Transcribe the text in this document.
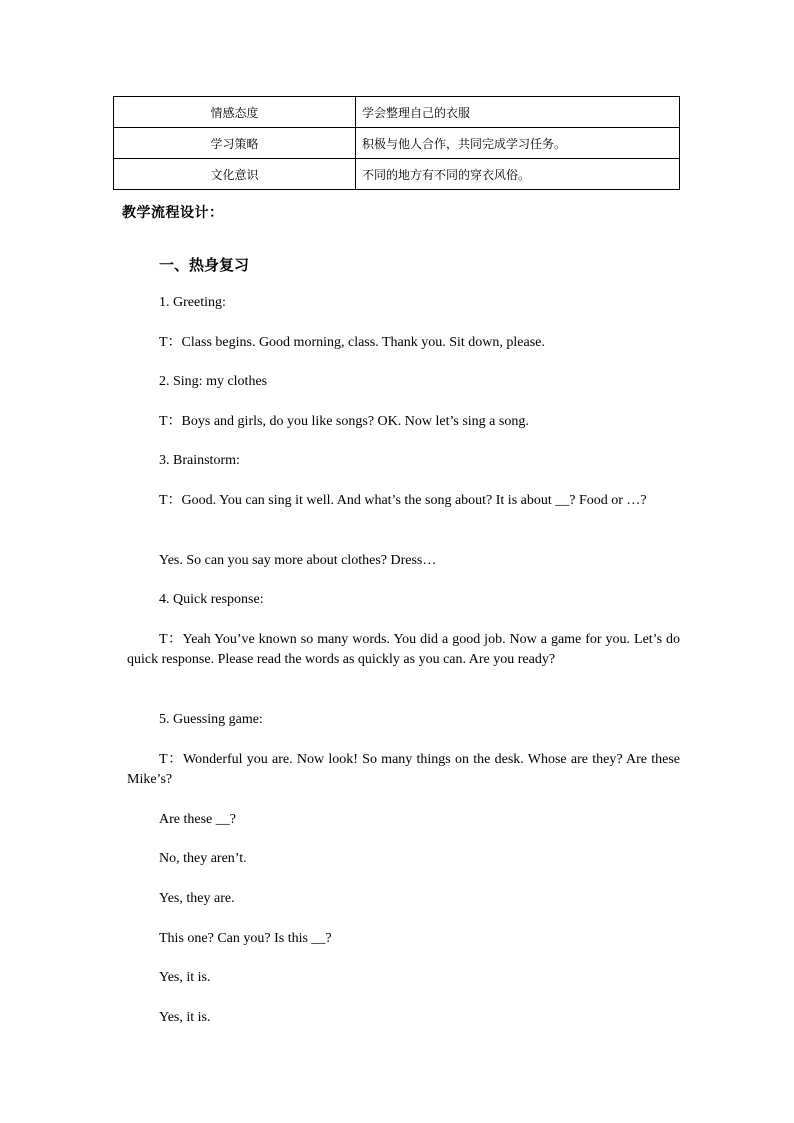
情感态度	学会整理自己的衣服
学习策略	积极与他人合作，共同完成学习任务。
文化意识	不同的地方有不同的穿衣风俗。
教学流程设计：
一、热身复习

1. Greeting:

T：Class begins. Good morning, class. Thank you. Sit down, please.

2. Sing: my clothes

T：Boys and girls, do you like songs? OK. Now let’s sing a song.

3. Brainstorm:

T：Good. You can sing it well. And what’s the song about? It is about __? Food or …?

Yes. So can you say more about clothes? Dress…

4. Quick response:

T：Yeah You’ve known so many words. You did a good job. Now a game for you. Let’s do quick response. Please read the words as quickly as you can. Are you ready?

5. Guessing game:

T：Wonderful you are. Now look! So many things on the desk. Whose are they? Are these Mike’s?

Are these __?

No, they aren’t.

Yes, they are.

This one? Can you? Is this __?

Yes, it is.

Yes, it is.
